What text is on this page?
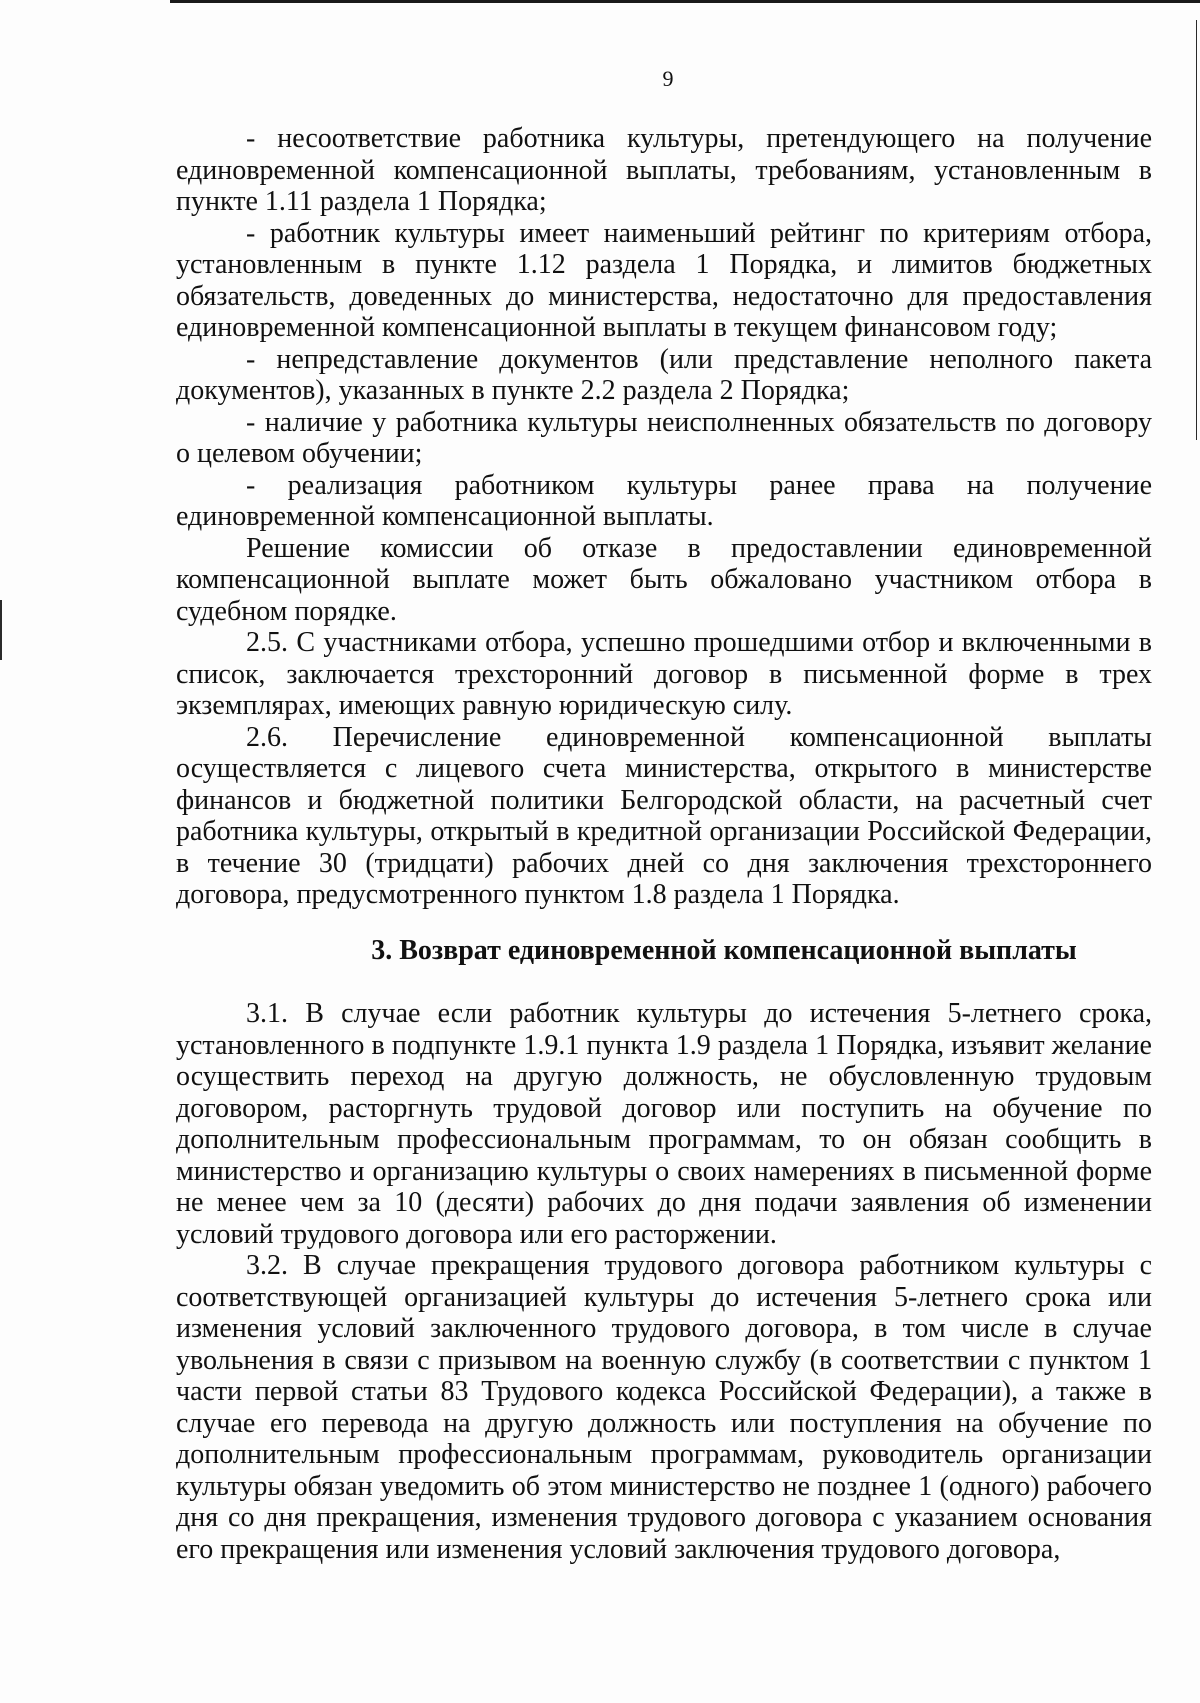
9

- несоответствие работника культуры, претендующего на получение единовременной компенсационной выплаты, требованиям, установленным в пункте 1.11 раздела 1 Порядка;

- работник культуры имеет наименьший рейтинг по критериям отбора, установленным в пункте 1.12 раздела 1 Порядка, и лимитов бюджетных обязательств, доведенных до министерства, недостаточно для предоставления единовременной компенсационной выплаты в текущем финансовом году;

- непредставление документов (или представление неполного пакета документов), указанных в пункте 2.2 раздела 2 Порядка;

- наличие у работника культуры неисполненных обязательств по договору о целевом обучении;

- реализация работником культуры ранее права на получение единовременной компенсационной выплаты.

Решение комиссии об отказе в предоставлении единовременной компенсационной выплате может быть обжаловано участником отбора в судебном порядке.

2.5. С участниками отбора, успешно прошедшими отбор и включенными в список, заключается трехсторонний договор в письменной форме в трех экземплярах, имеющих равную юридическую силу.

2.6. Перечисление единовременной компенсационной выплаты осуществляется с лицевого счета министерства, открытого в министерстве финансов и бюджетной политики Белгородской области, на расчетный счет работника культуры, открытый в кредитной организации Российской Федерации, в течение 30 (тридцати) рабочих дней со дня заключения трехстороннего договора, предусмотренного пунктом 1.8 раздела 1 Порядка.

3. Возврат единовременной компенсационной выплаты

3.1. В случае если работник культуры до истечения 5-летнего срока, установленного в подпункте 1.9.1 пункта 1.9 раздела 1 Порядка, изъявит желание осуществить переход на другую должность, не обусловленную трудовым договором, расторгнуть трудовой договор или поступить на обучение по дополнительным профессиональным программам, то он обязан сообщить в министерство и организацию культуры о своих намерениях в письменной форме не менее чем за 10 (десяти) рабочих до дня подачи заявления об изменении условий трудового договора или его расторжении.

3.2. В случае прекращения трудового договора работником культуры с соответствующей организацией культуры до истечения 5-летнего срока или изменения условий заключенного трудового договора, в том числе в случае увольнения в связи с призывом на военную службу (в соответствии с пунктом 1 части первой статьи 83 Трудового кодекса Российской Федерации), а также в случае его перевода на другую должность или поступления на обучение по дополнительным профессиональным программам, руководитель организации культуры обязан уведомить об этом министерство не позднее 1 (одного) рабочего дня со дня прекращения, изменения трудового договора с указанием основания его прекращения или изменения условий заключения трудового договора,
